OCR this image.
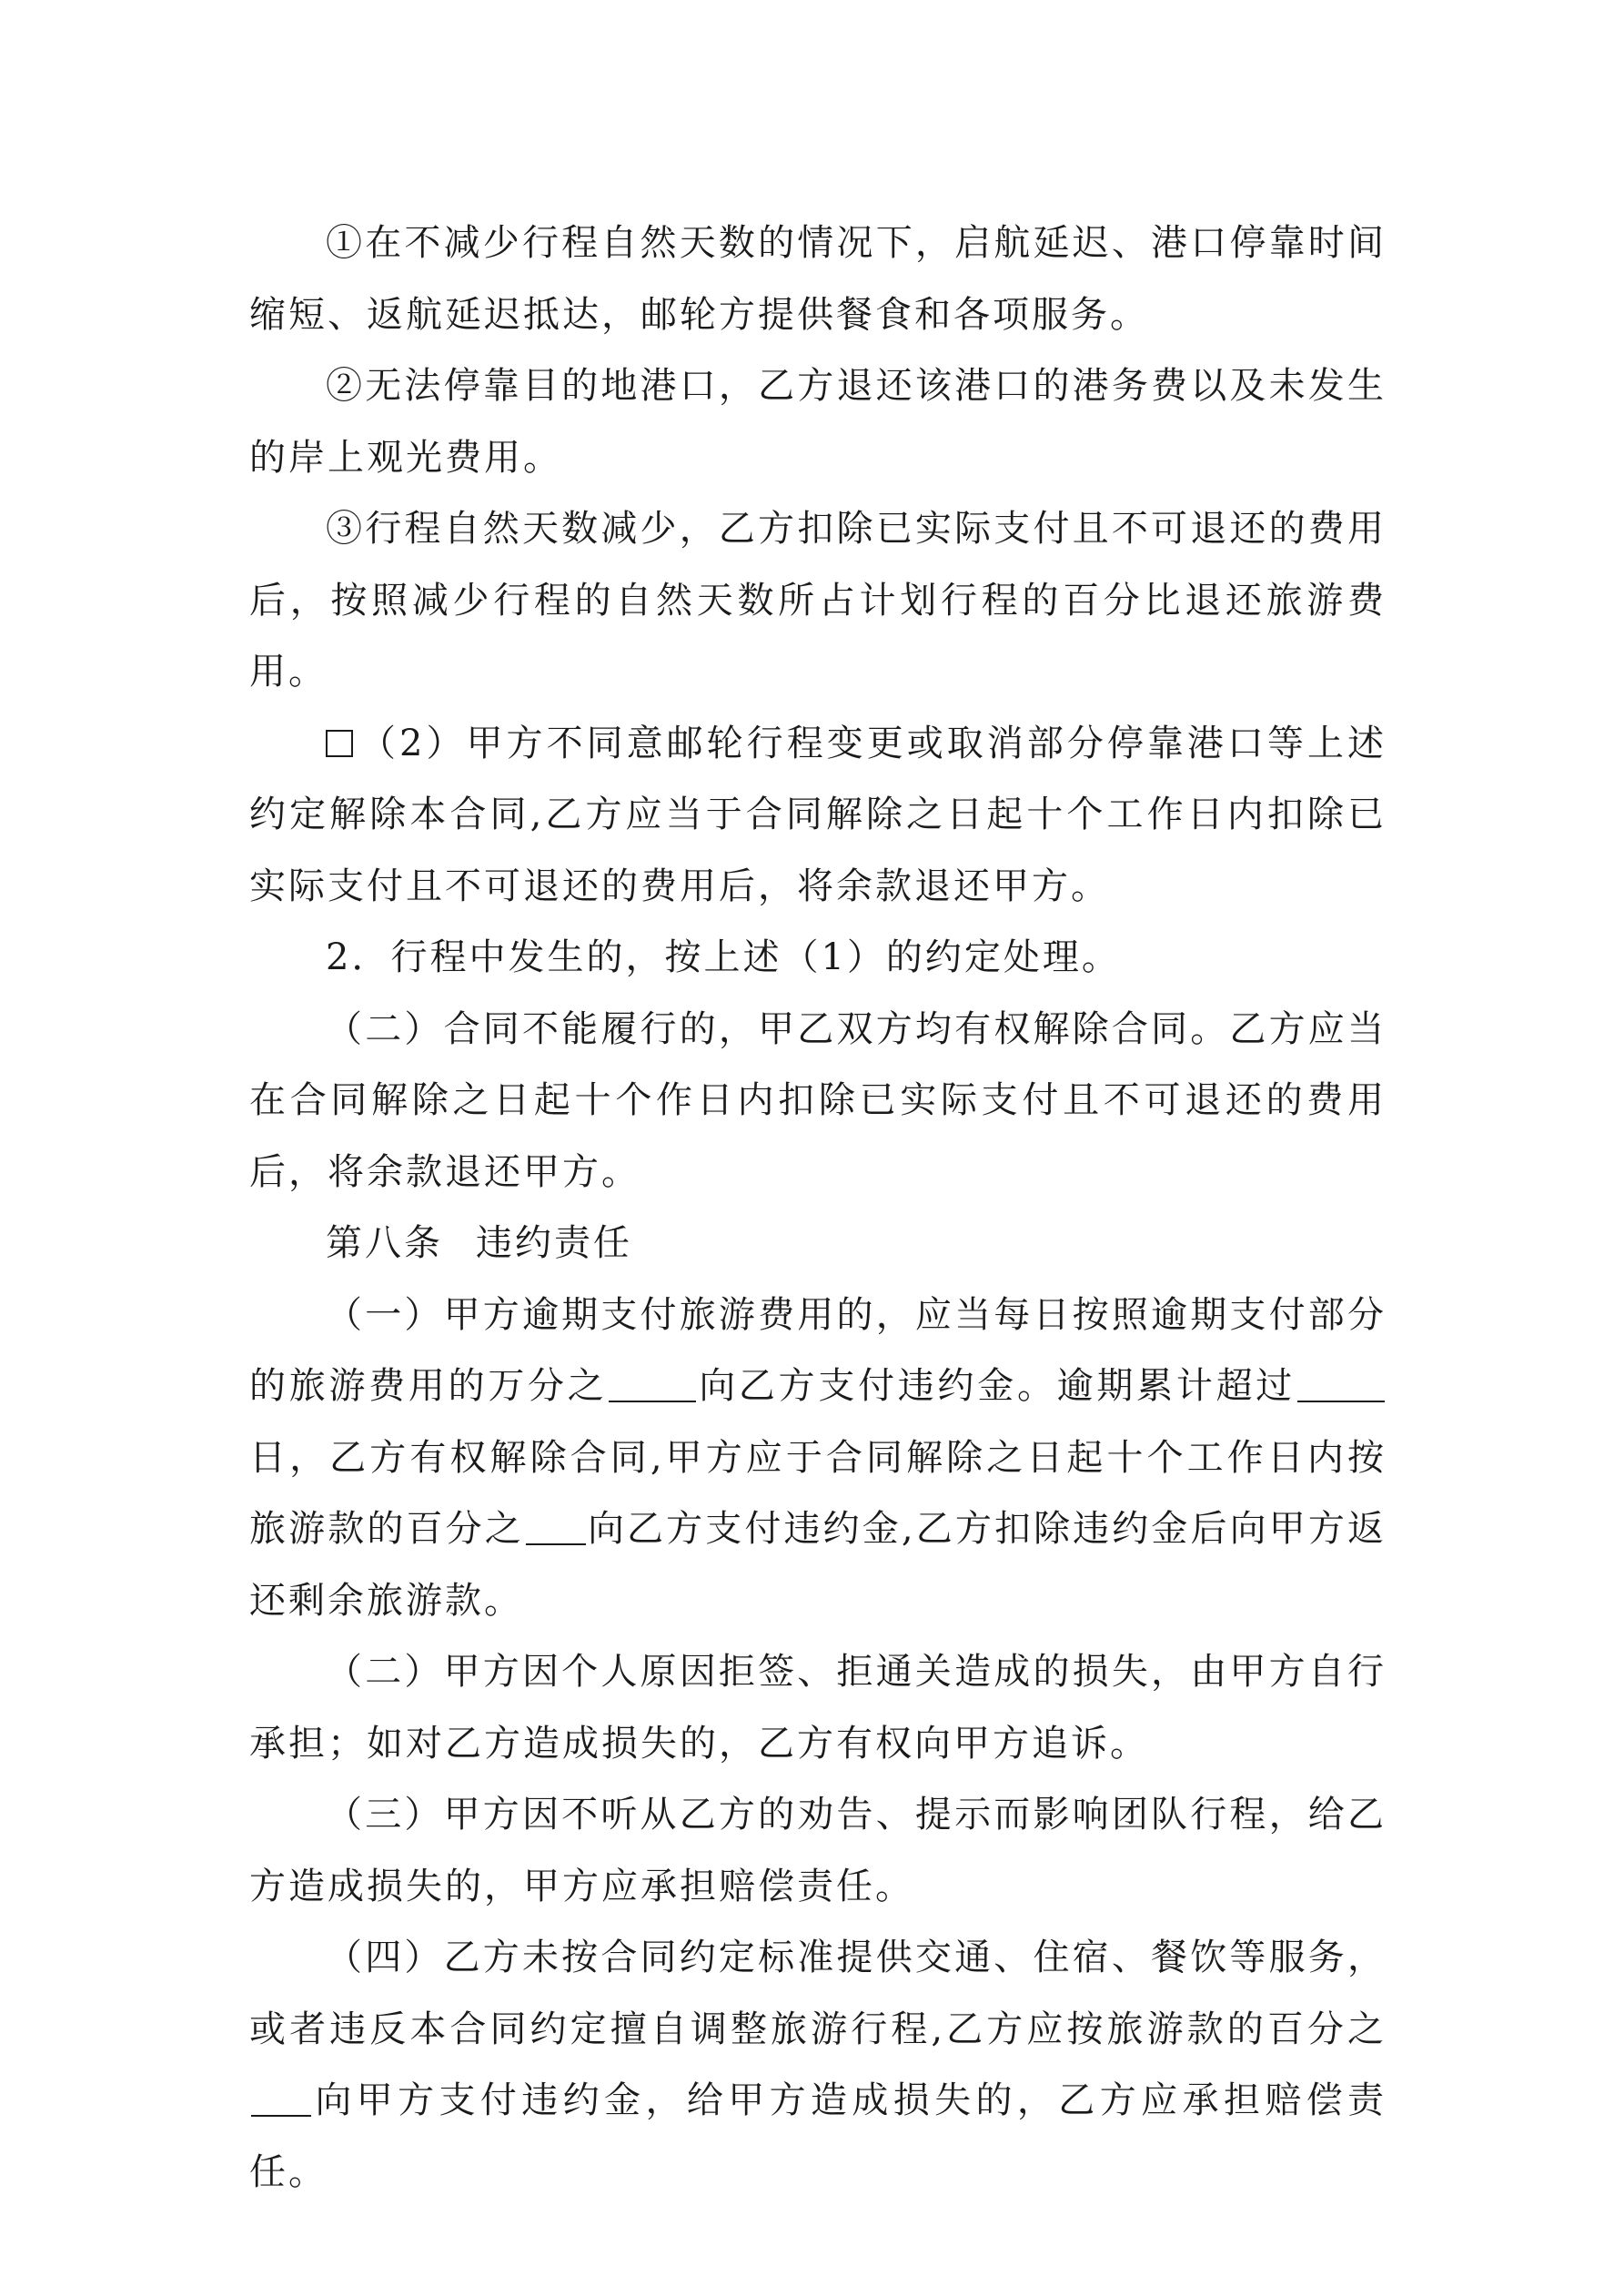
①在不减少行程自然天数的情况下，启航延迟、港口停靠时间缩短、返航延迟抵达，邮轮方提供餐食和各项服务。

②无法停靠目的地港口，乙方退还该港口的港务费以及未发生的岸上观光费用。

③行程自然天数减少，乙方扣除已实际支付且不可退还的费用后，按照减少行程的自然天数所占计划行程的百分比退还旅游费用。

（2）甲方不同意邮轮行程变更或取消部分停靠港口等上述约定解除本合同,乙方应当于合同解除之日起十个工作日内扣除已实际支付且不可退还的费用后，将余款退还甲方。

2．行程中发生的，按上述（1）的约定处理。

（二）合同不能履行的，甲乙双方均有权解除合同。乙方应当在合同解除之日起十个作日内扣除已实际支付且不可退还的费用后，将余款退还甲方。

第八条 违约责任

（一）甲方逾期支付旅游费用的，应当每日按照逾期支付部分的旅游费用的万分之	向乙方支付违约金。逾期累计超过日，乙方有权解除合同,甲方应于合同解除之日起十个工作日内按旅游款的百分之 向乙方支付违约金,乙方扣除违约金后向甲方返还剩余旅游款。

（二）甲方因个人原因拒签、拒通关造成的损失，由甲方自行承担；如对乙方造成损失的，乙方有权向甲方追诉。

（三）甲方因不听从乙方的劝告、提示而影响团队行程，给乙方造成损失的，甲方应承担赔偿责任。

（四）乙方未按合同约定标准提供交通、住宿、餐饮等服务，或者违反本合同约定擅自调整旅游行程,乙方应按旅游款的百分之向甲方支付违约金，给甲方造成损失的，乙方应承担赔偿责任。
